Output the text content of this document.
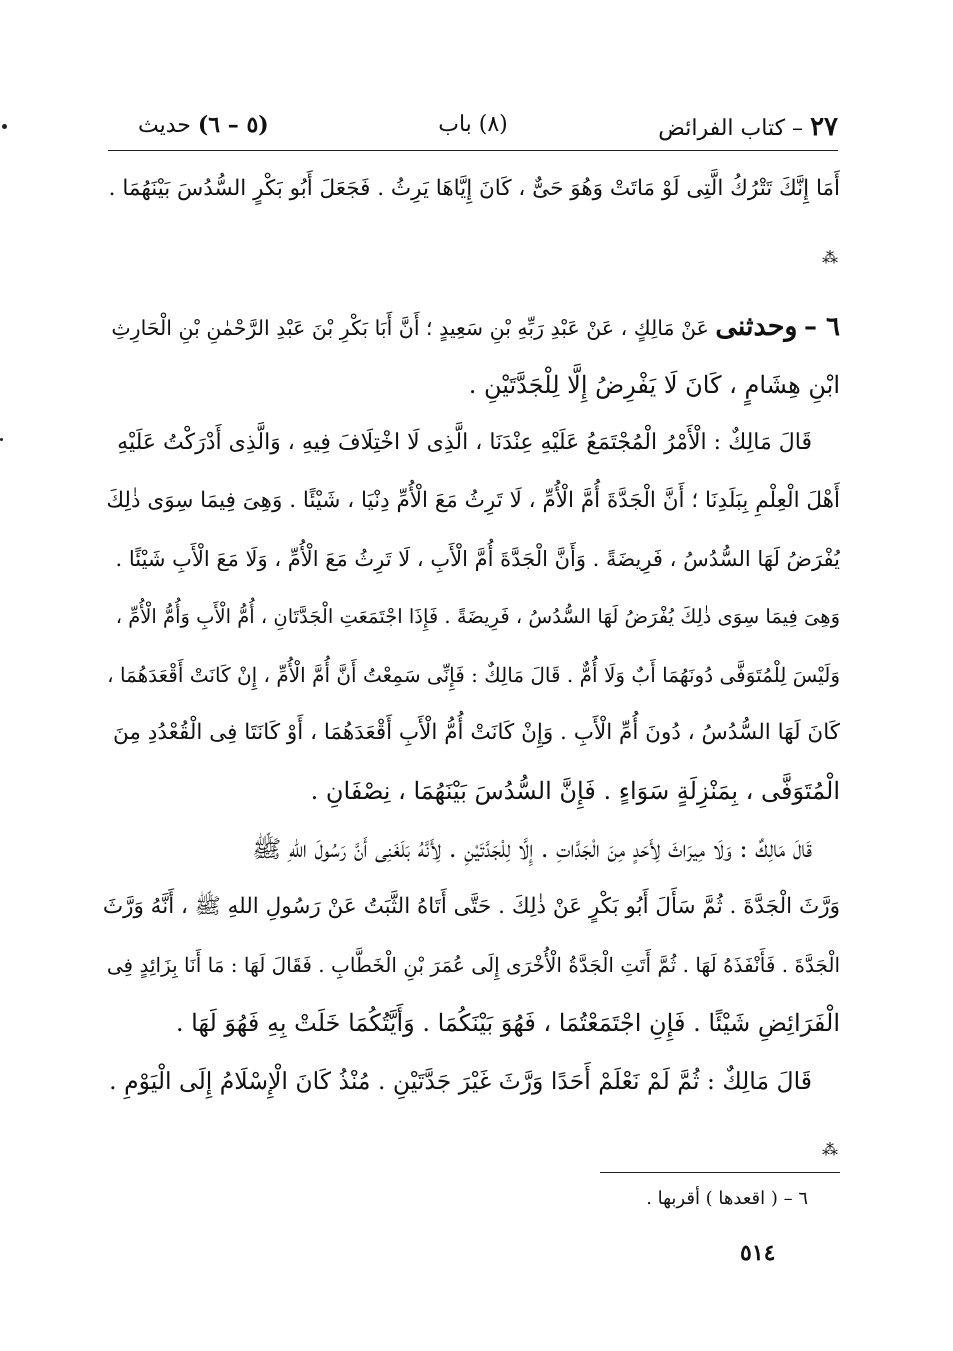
٢٧ – كتاب الفرائض
(٨) باب
(٥ – ٦) حديث
أَمَا إِنَّكَ تَتْرُكُ الَّتِى لَوْ مَاتَتْ وَهُوَ حَىٌّ ، كَانَ إِيَّاهَا يَرِثُ . فَجَعَلَ أَبُو بَكْرٍ السُّدُسَ بَيْنَهُمَا .
⁂
٦ – وحدثنى عَنْ مَالِكٍ ، عَنْ عَبْدِ رَبِّهِ بْنِ سَعِيدٍ ؛ أَنَّ أَبَا بَكْرِ بْنَ عَبْدِ الرَّحْمٰنِ بْنِ الْحَارِثِ
ابْنِ هِشَامٍ ، كَانَ لَا يَفْرِضُ إِلَّا لِلْجَدَّتَيْنِ .
قَالَ مَالِكٌ : الْأَمْرُ الْمُجْتَمَعُ عَلَيْهِ عِنْدَنَا ، الَّذِى لَا اخْتِلَافَ فِيهِ ، وَالَّذِى أَدْرَكْتُ عَلَيْهِ
أَهْلَ الْعِلْمِ بِبَلَدِنَا ؛ أَنَّ الْجَدَّةَ أُمَّ الْأُمِّ ، لَا تَرِثُ مَعَ الْأُمِّ دِنْيَا ، شَيْئًا . وَهِىَ فِيمَا سِوَى ذٰلِكَ
يُفْرَضُ لَهَا السُّدُسُ ، فَرِيضَةً . وَأَنَّ الْجَدَّةَ أُمَّ الْأَبِ ، لَا تَرِثُ مَعَ الْأُمِّ ، وَلَا مَعَ الْأَبِ شَيْئًا .
وَهِىَ فِيمَا سِوَى ذٰلِكَ يُفْرَضُ لَهَا السُّدُسُ ، فَرِيضَةً . فَإِذَا اجْتَمَعَتِ الْجَدَّتَانِ ، أُمُّ الْأَبِ وَأُمُّ الْأُمِّ ،
وَلَيْسَ لِلْمُتَوَفَّى دُونَهُمَا أَبٌ وَلَا أُمٌّ . قَالَ مَالِكٌ : فَإِنِّى سَمِعْتُ أَنَّ أُمَّ الْأُمِّ ، إِنْ كَانَتْ أَقْعَدَهُمَا ،
كَانَ لَهَا السُّدُسُ ، دُونَ أُمِّ الْأَبِ . وَإِنْ كَانَتْ أُمُّ الْأَبِ أَقْعَدَهُمَا ، أَوْ كَانَتَا فِى الْقُعْدُدِ مِنَ
الْمُتَوَفَّى ، بِمَنْزِلَةٍ سَوَاءٍ . فَإِنَّ السُّدُسَ بَيْنَهُمَا ، نِصْفَانِ .
قَالَ مَالِكٌ : وَلَا مِيرَاثَ لِأَحَدٍ مِنَ الْجَدَّاتِ . إِلَّا لِلْجَدَّتَيْنِ . لِأَنَّهُ بَلَغَنِى أَنَّ رَسُولَ اللهِ ﷺ
وَرَّثَ الْجَدَّةَ . ثُمَّ سَأَلَ أَبُو بَكْرٍ عَنْ ذٰلِكَ . حَتَّى أَتَاهُ الثَّبَتُ عَنْ رَسُولِ اللهِ ﷺ ، أَنَّهُ وَرَّثَ
الْجَدَّةَ . فَأَنْفَذَهُ لَهَا . ثُمَّ أَتَتِ الْجَدَّةُ الْأُخْرَى إِلَى عُمَرَ بْنِ الْخَطَّابِ . فَقَالَ لَهَا : مَا أَنَا بِزَائِدٍ فِى
الْفَرَائِضِ شَيْئًا . فَإِنِ اجْتَمَعْتُمَا ، فَهُوَ بَيْنَكُمَا . وَأَيَّتُكُمَا خَلَتْ بِهِ فَهُوَ لَهَا .
قَالَ مَالِكٌ : ثُمَّ لَمْ نَعْلَمْ أَحَدًا وَرَّثَ غَيْرَ جَدَّتَيْنِ . مُنْذُ كَانَ الْإِسْلَامُ إِلَى الْيَوْمِ .
⁂
٦ – ( اقعدها ) أقربها .
٥١٤
